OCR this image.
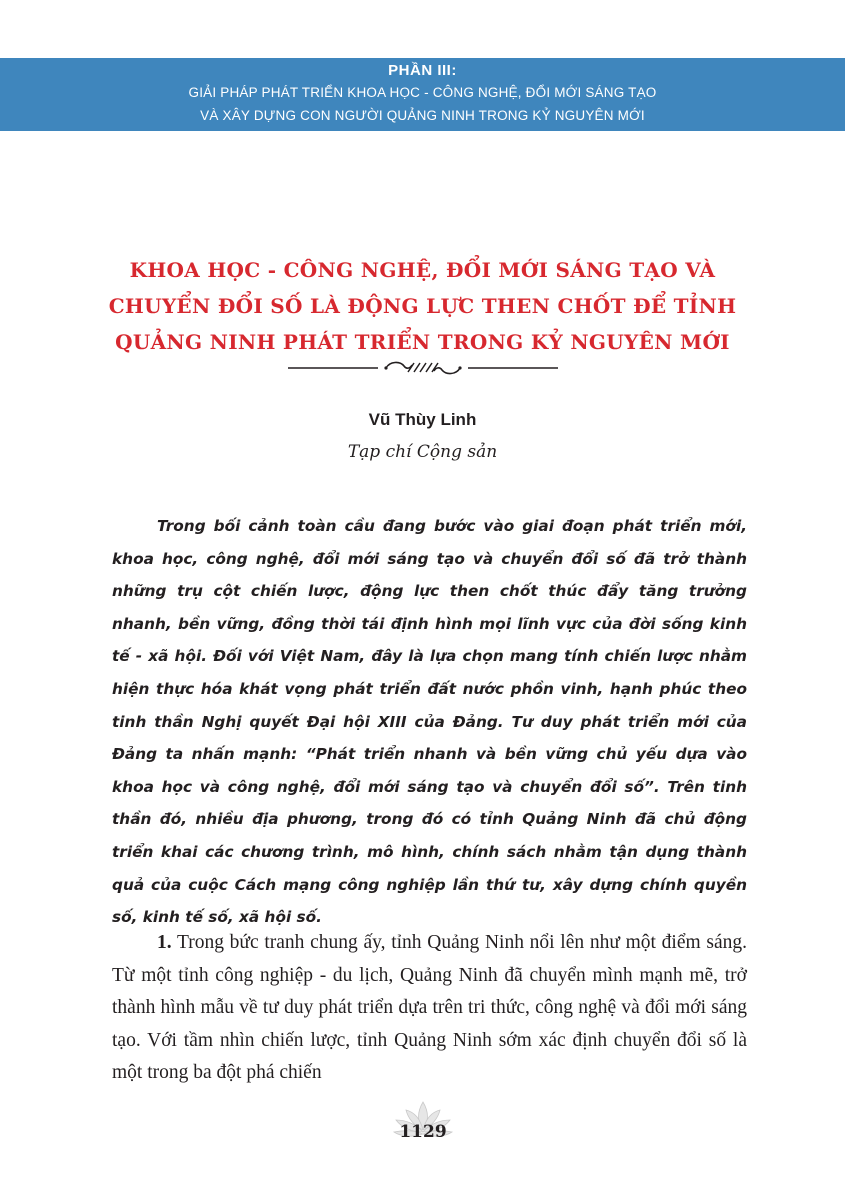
PHẦN III:
GIẢI PHÁP PHÁT TRIỂN KHOA HỌC - CÔNG NGHỆ, ĐỔI MỚI SÁNG TẠO
VÀ XÂY DỰNG CON NGƯỜI QUẢNG NINH TRONG KỶ NGUYÊN MỚI
KHOA HỌC - CÔNG NGHỆ, ĐỔI MỚI SÁNG TẠO VÀ CHUYỂN ĐỔI SỐ LÀ ĐỘNG LỰC THEN CHỐT ĐỂ TỈNH QUẢNG NINH PHÁT TRIỂN TRONG KỶ NGUYÊN MỚI
Vũ Thùy Linh
Tạp chí Cộng sản

Trong bối cảnh toàn cầu đang bước vào giai đoạn phát triển mới, khoa học, công nghệ, đổi mới sáng tạo và chuyển đổi số đã trở thành những trụ cột chiến lược, động lực then chốt thúc đẩy tăng trưởng nhanh, bền vững, đồng thời tái định hình mọi lĩnh vực của đời sống kinh tế - xã hội. Đối với Việt Nam, đây là lựa chọn mang tính chiến lược nhằm hiện thực hóa khát vọng phát triển đất nước phồn vinh, hạnh phúc theo tinh thần Nghị quyết Đại hội XIII của Đảng. Tư duy phát triển mới của Đảng ta nhấn mạnh: “Phát triển nhanh và bền vững chủ yếu dựa vào khoa học và công nghệ, đổi mới sáng tạo và chuyển đổi số”. Trên tinh thần đó, nhiều địa phương, trong đó có tỉnh Quảng Ninh đã chủ động triển khai các chương trình, mô hình, chính sách nhằm tận dụng thành quả của cuộc Cách mạng công nghiệp lần thứ tư, xây dựng chính quyền số, kinh tế số, xã hội số.

1. Trong bức tranh chung ấy, tỉnh Quảng Ninh nổi lên như một điểm sáng. Từ một tỉnh công nghiệp - du lịch, Quảng Ninh đã chuyển mình mạnh mẽ, trở thành hình mẫu về tư duy phát triển dựa trên tri thức, công nghệ và đổi mới sáng tạo. Với tầm nhìn chiến lược, tỉnh Quảng Ninh sớm xác định chuyển đổi số là một trong ba đột phá chiến

1129
